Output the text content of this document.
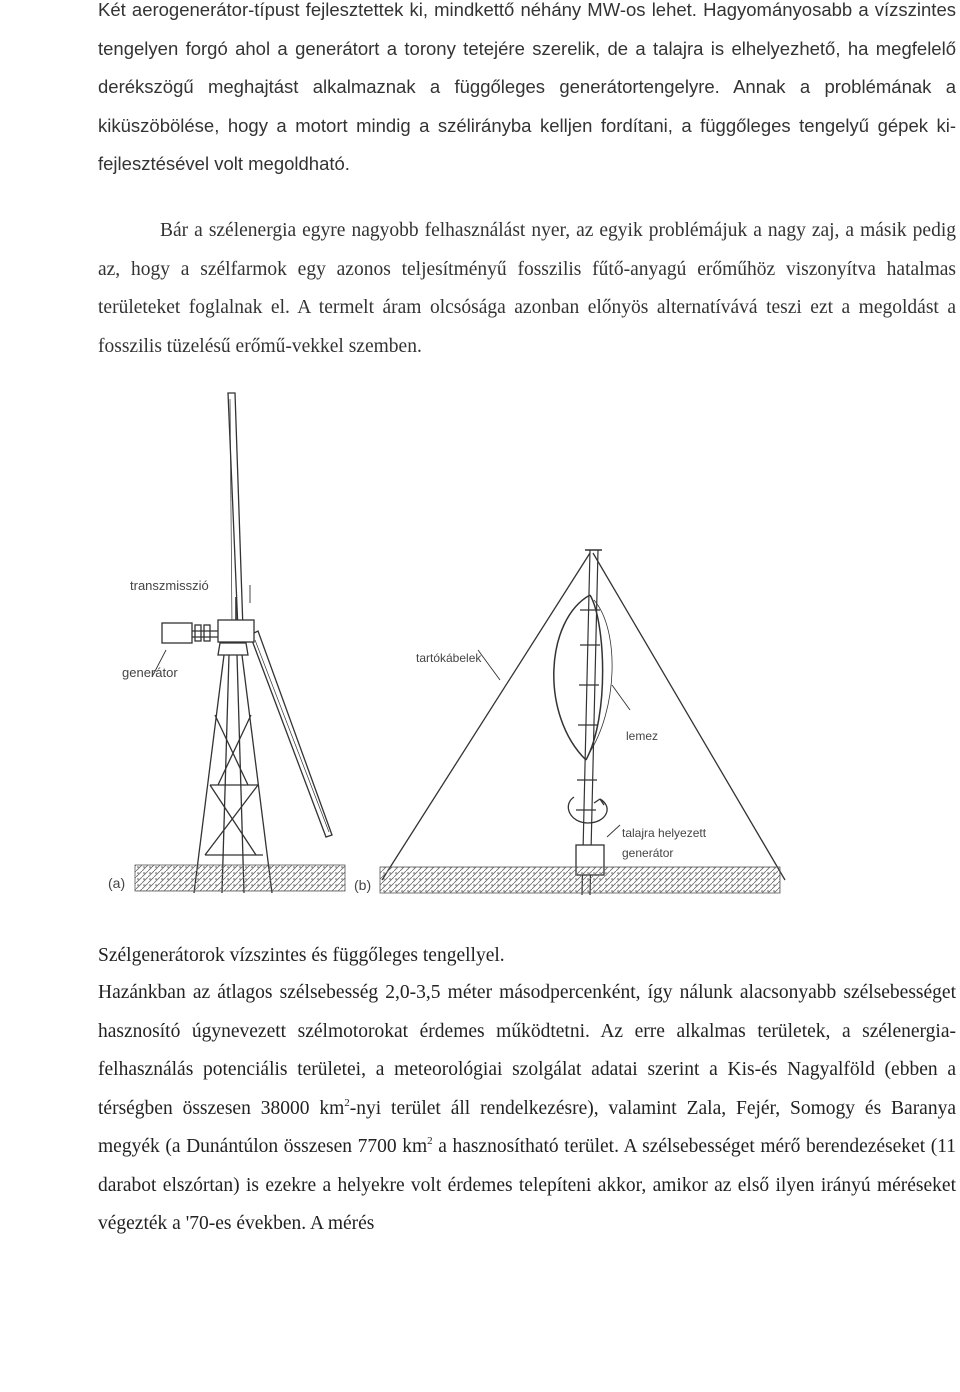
Két aerogenerátor-típust fejlesztettek ki, mindkettő néhány MW-os lehet. Hagyományosabb a vízszintes tengelyen forgó ahol a generátort a torony tetejére szerelik, de a talajra is elhelyezhető, ha megfelelő derékszögű meghajtást alkalmaznak a függőleges generátortengelyre. Annak a problémának a kiküszöbölése, hogy a motort mindig a szélirányba kelljen fordítani, a függőleges tengelyű gépek ki-fejlesztésével volt megoldható.
Bár a szélenergia egyre nagyobb felhasználást nyer, az egyik problémájuk a nagy zaj, a másik pedig az, hogy a szélfarmok egy azonos teljesítményű fosszilis fűtő-anyagú erőműhöz viszonyítva hatalmas területeket foglalnak el. A termelt áram olcsósága azonban előnyös alternatívává teszi ezt a megoldást a fosszilis tüzelésű erőmű-vekkel szemben.
transzmisszió
generátor
tartókábelek
lemez
talajra helyezett
generátor
(a)	(b)
Szélgenerátorok vízszintes és függőleges tengellyel.
Hazánkban az átlagos szélsebesség 2,0-3,5 méter másodpercenként, így nálunk alacsonyabb szélsebességet hasznosító úgynevezett szélmotorokat érdemes működtetni. Az erre alkalmas területek, a szélenergia-felhasználás potenciális területei, a meteorológiai szolgálat adatai szerint a Kis-és Nagyalföld (ebben a térségben összesen 38000 $km^2$-nyi terület áll rendelkezésre), valamint Zala, Fejér, Somogy és Baranya megyék (a Dunántúlon összesen 7700 $km^2$ a hasznosítható terület. A szélsebességet mérő berendezéseket (11 darabot elszórtan) is ezekre a helyekre volt érdemes telepíteni akkor, amikor az első ilyen irányú méréseket végezték a '70-es években. A mérés
